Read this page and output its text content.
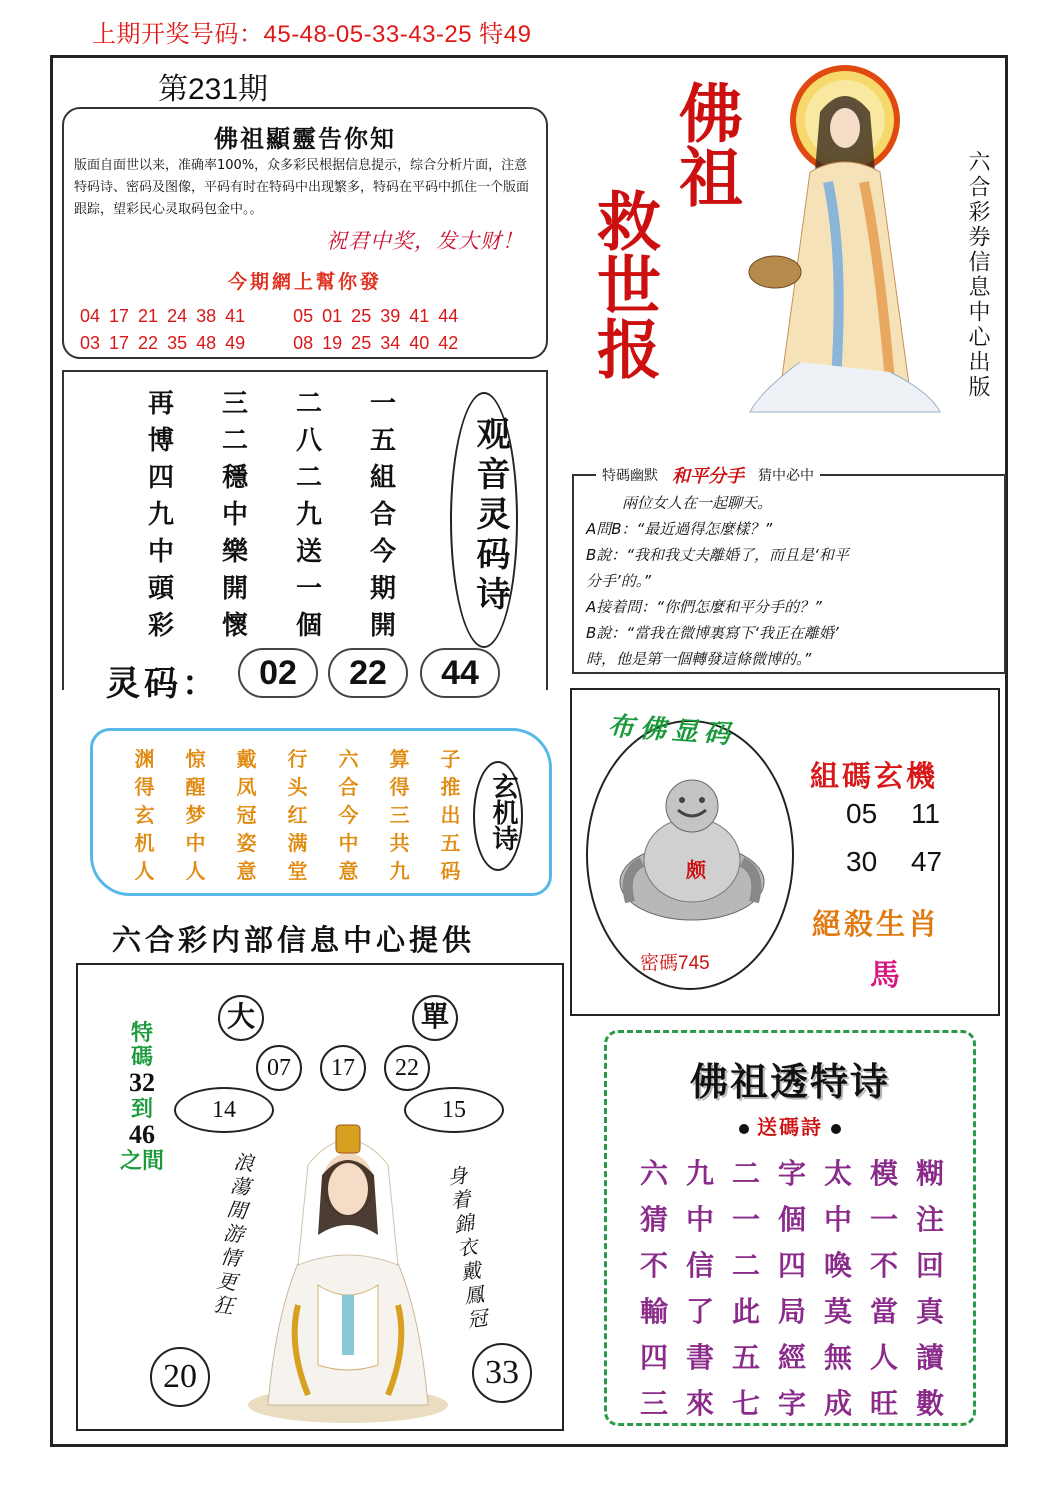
上期开奖号码：45-48-05-33-43-25 特49
第231期
佛祖顯靈告你知
版面自面世以来，准确率100%，众多彩民根据信息提示，综合分析片面，注意特码诗、密码及图像，平码有时在特码中出现繁多，特码在平码中抓住一个版面跟踪，望彩民心灵取码包金中。。
祝君中奖，发大财！
今期網上幫你發
04 17 21 24 38 41	05 01 25 39 41 44
03 17 22 35 48 49	08 19 25 34 40 42
再	三	二	一
博	二	八	五
四	穩	二	組
九	中	九	合
中	樂	送	今
頭	開	一	期
彩	懷	個	開
观音灵码诗
灵码：	02	22	44
渊	惊	戴	行	六	算	子
得	醒	凤	头	合	得	推
玄	梦	冠	红	今	三	出
机	中	姿	满	中	共	五
人	人	意	堂	意	九	码
玄机诗
六合彩内部信息中心提供
大	單
07	17	22
14	15
特
碼
32
到
46
之間 浪蕩閒游情更狂	身着錦衣戴鳳冠
20	33
佛祖
救世报	六合彩券信息中心出版
特碼幽默 和平分手 猜中必中

兩位女人在一起聊天。

A問B：“最近過得怎麼樣？”

B說：“我和我丈夫離婚了，而且是‘和平

分手’的。”

A接着問：“你們怎麼和平分手的？”

B說：“當我在微博裏寫下‘我正在離婚’

時，他是第一個轉發這條微博的。”

布佛显码
颇
密碼745
組碼玄機
05 11
30 47
絕殺生肖
馬
佛祖透特诗
送碼詩
六 九 二 字 太 模 糊
猜 中 一 個 中 一 注
不 信 二 四 喚 不 回
輸 了 此 局 莫 當 真
四 書 五 經 無 人 讀
三 來 七 字 成 旺 數
